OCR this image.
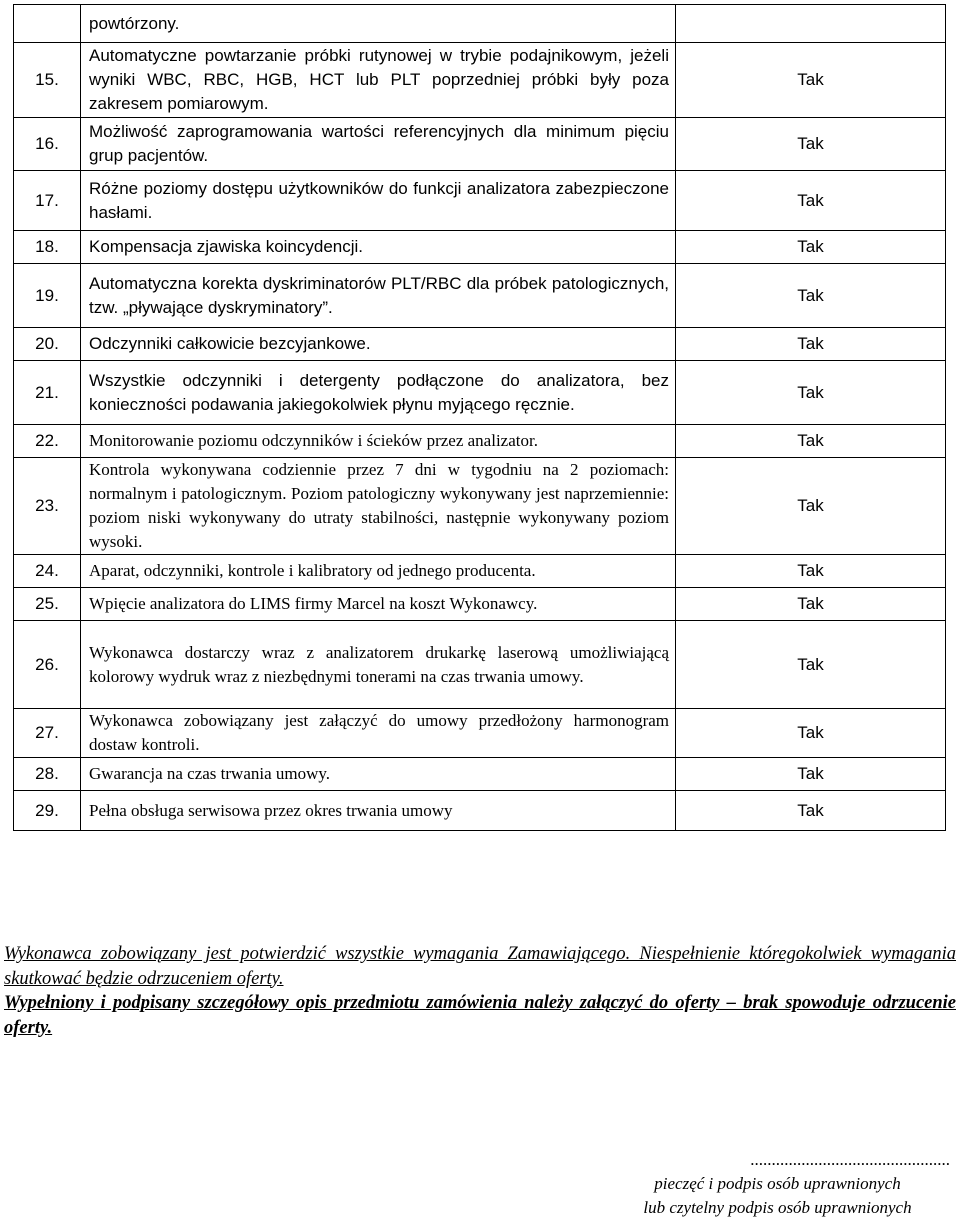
	powtórzony.	
15.	Automatyczne powtarzanie próbki rutynowej w trybie podajnikowym, jeżeli wyniki WBC, RBC, HGB, HCT lub PLT poprzedniej próbki były poza zakresem pomiarowym.	Tak
16.	Możliwość zaprogramowania wartości referencyjnych dla minimum pięciu grup pacjentów.	Tak
17.	Różne poziomy dostępu użytkowników do funkcji analizatora zabezpieczone hasłami.	Tak
18.	Kompensacja zjawiska koincydencji.	Tak
19.	Automatyczna korekta dyskriminatorów PLT/RBC dla próbek patologicznych, tzw. „pływające dyskryminatory”.	Tak
20.	Odczynniki całkowicie bezcyjankowe.	Tak
21.	Wszystkie odczynniki i detergenty podłączone do analizatora, bez konieczności podawania jakiegokolwiek płynu myjącego ręcznie.	Tak
22.	Monitorowanie poziomu odczynników i ścieków przez analizator.	Tak
23.	Kontrola wykonywana codziennie przez 7 dni w tygodniu na 2 poziomach: normalnym i patologicznym. Poziom patologiczny wykonywany jest naprzemiennie: poziom niski wykonywany do utraty stabilności, następnie wykonywany poziom wysoki.	Tak
24.	Aparat, odczynniki, kontrole i kalibratory od jednego producenta.	Tak
25.	Wpięcie analizatora do LIMS firmy Marcel na koszt Wykonawcy.	Tak
26.	Wykonawca dostarczy wraz z analizatorem drukarkę laserową umożliwiającą kolorowy wydruk wraz z niezbędnymi tonerami na czas trwania umowy.	Tak
27.	Wykonawca zobowiązany jest załączyć do umowy przedłożony harmonogram dostaw kontroli.	Tak
28.	Gwarancja na czas trwania umowy.	Tak
29.	Pełna obsługa serwisowa przez okres trwania umowy	Tak

Wykonawca zobowiązany jest potwierdzić wszystkie wymagania Zamawiającego. Niespełnienie któregokolwiek wymagania skutkować będzie odrzuceniem oferty.

Wypełniony i podpisany szczegółowy opis przedmiotu zamówienia należy załączyć do oferty – brak spowoduje odrzucenie oferty.

...............................................
pieczęć i podpis osób uprawnionych
lub czytelny podpis osób uprawnionych
